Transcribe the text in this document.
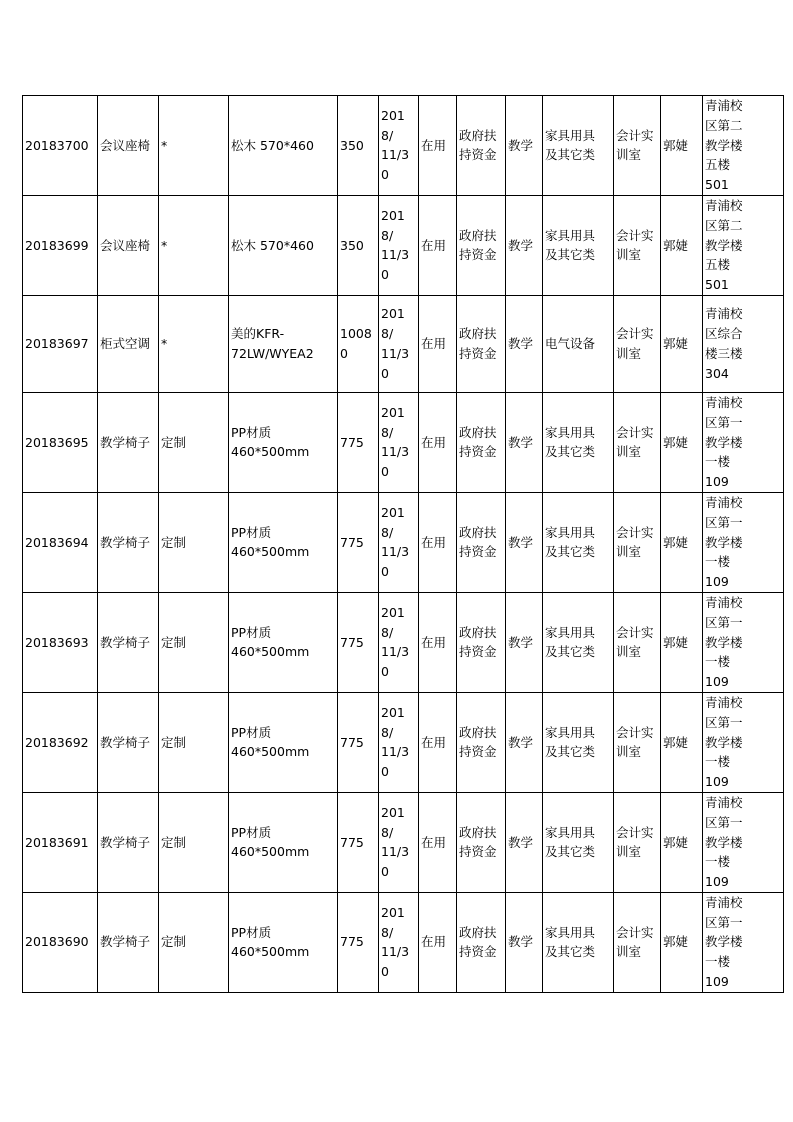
20183700	会议座椅	*	松木 570*460	350	2018/
11/30	在用	政府扶
持资金	教学	家具用具
及其它类	会计实
训室	郭婕	青浦校
区第二
教学楼
五楼
501
20183699	会议座椅	*	松木 570*460	350	2018/
11/30	在用	政府扶
持资金	教学	家具用具
及其它类	会计实
训室	郭婕	青浦校
区第二
教学楼
五楼
501
20183697	柜式空调	*	美的KFR-
72LW/WYEA2	10080	2018/
11/30	在用	政府扶
持资金	教学	电气设备	会计实
训室	郭婕	青浦校
区综合
楼三楼
304
20183695	教学椅子	定制	PP材质
460*500mm	775	2018/
11/30	在用	政府扶
持资金	教学	家具用具
及其它类	会计实
训室	郭婕	青浦校
区第一
教学楼
一楼
109
20183694	教学椅子	定制	PP材质
460*500mm	775	2018/
11/30	在用	政府扶
持资金	教学	家具用具
及其它类	会计实
训室	郭婕	青浦校
区第一
教学楼
一楼
109
20183693	教学椅子	定制	PP材质
460*500mm	775	2018/
11/30	在用	政府扶
持资金	教学	家具用具
及其它类	会计实
训室	郭婕	青浦校
区第一
教学楼
一楼
109
20183692	教学椅子	定制	PP材质
460*500mm	775	2018/
11/30	在用	政府扶
持资金	教学	家具用具
及其它类	会计实
训室	郭婕	青浦校
区第一
教学楼
一楼
109
20183691	教学椅子	定制	PP材质
460*500mm	775	2018/
11/30	在用	政府扶
持资金	教学	家具用具
及其它类	会计实
训室	郭婕	青浦校
区第一
教学楼
一楼
109
20183690	教学椅子	定制	PP材质
460*500mm	775	2018/
11/30	在用	政府扶
持资金	教学	家具用具
及其它类	会计实
训室	郭婕	青浦校
区第一
教学楼
一楼
109
